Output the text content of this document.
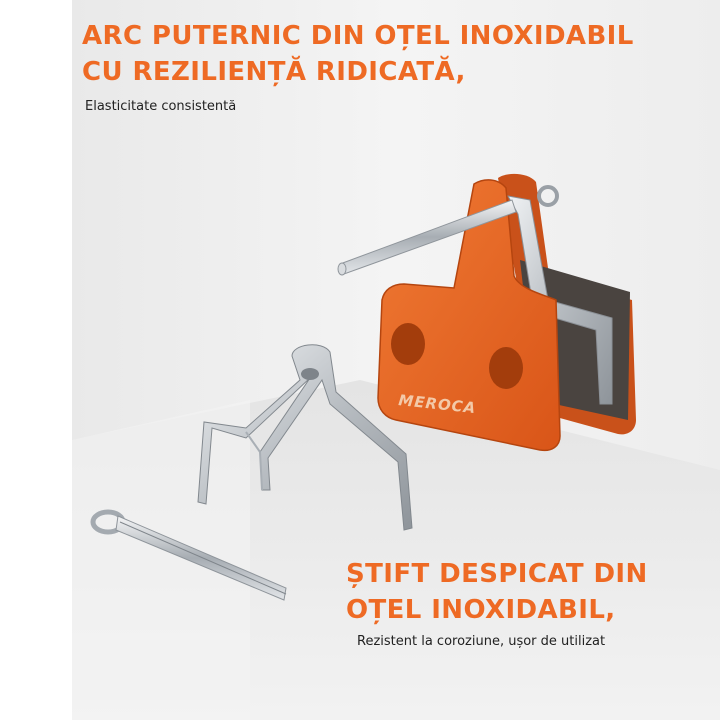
MEROCA
ARC PUTERNIC DIN OȚEL INOXIDABIL
CU REZILIENȚĂ RIDICATĂ,

Elasticitate consistentă

ȘTIFT DESPICAT DIN
OȚEL INOXIDABIL,

Rezistent la coroziune, ușor de utilizat
